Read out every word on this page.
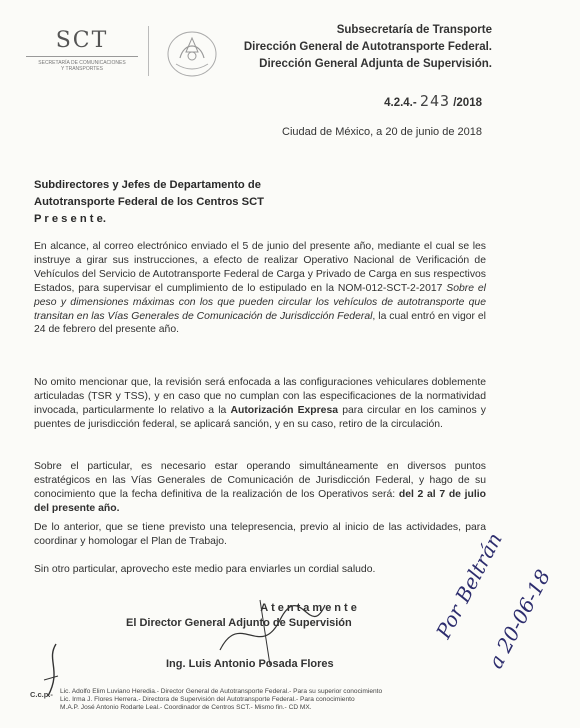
SCT
SECRETARÍA DE COMUNICACIONES
Y TRANSPORTES
Subsecretaría de Transporte
Dirección General de Autotransporte Federal.
Dirección General Adjunta de Supervisión.
4.2.4.- 243 /2018
Ciudad de México, a 20 de junio de 2018
Subdirectores y Jefes de Departamento de
Autotransporte Federal de los Centros SCT
P r e s e n t e.
En alcance, al correo electrónico enviado el 5 de junio del presente año, mediante el cual se les instruye a girar sus instrucciones, a efecto de realizar Operativo Nacional de Verificación de Vehículos del Servicio de Autotransporte Federal de Carga y Privado de Carga en sus respectivos Estados, para supervisar el cumplimiento de lo estipulado en la NOM-012-SCT-2-2017 Sobre el peso y dimensiones máximas con los que pueden circular los vehículos de autotransporte que transitan en las Vías Generales de Comunicación de Jurisdicción Federal, la cual entró en vigor el 24 de febrero del presente año.
No omito mencionar que, la revisión será enfocada a las configuraciones vehiculares doblemente articuladas (TSR y TSS), y en caso que no cumplan con las especificaciones de la normatividad invocada, particularmente lo relativo a la Autorización Expresa para circular en los caminos y puentes de jurisdicción federal, se aplicará sanción, y en su caso, retiro de la circulación.
Sobre el particular, es necesario estar operando simultáneamente en diversos puntos estratégicos en las Vías Generales de Comunicación de Jurisdicción Federal, y hago de su conocimiento que la fecha definitiva de la realización de los Operativos será: del 2 al 7 de julio del presente año.
De lo anterior, que se tiene previsto una telepresencia, previo al inicio de las actividades, para coordinar y homologar el Plan de Trabajo.
Sin otro particular, aprovecho este medio para enviarles un cordial saludo.
Atentamente
El Director General Adjunto de Supervisión
Ing. Luis Antonio Posada Flores
Por Beltrán
a 20-06-18
C.c.p.- Lic. Adolfo Elim Luviano Heredia.- Director General de Autotransporte Federal.- Para su superior conocimiento
Lic. Irma J. Flores Herrera.- Directora de Supervisión del Autotransporte Federal.- Para conocimiento
M.A.P. José Antonio Rodarte Leal.- Coordinador de Centros SCT.- Mismo fin.- CD MX.
